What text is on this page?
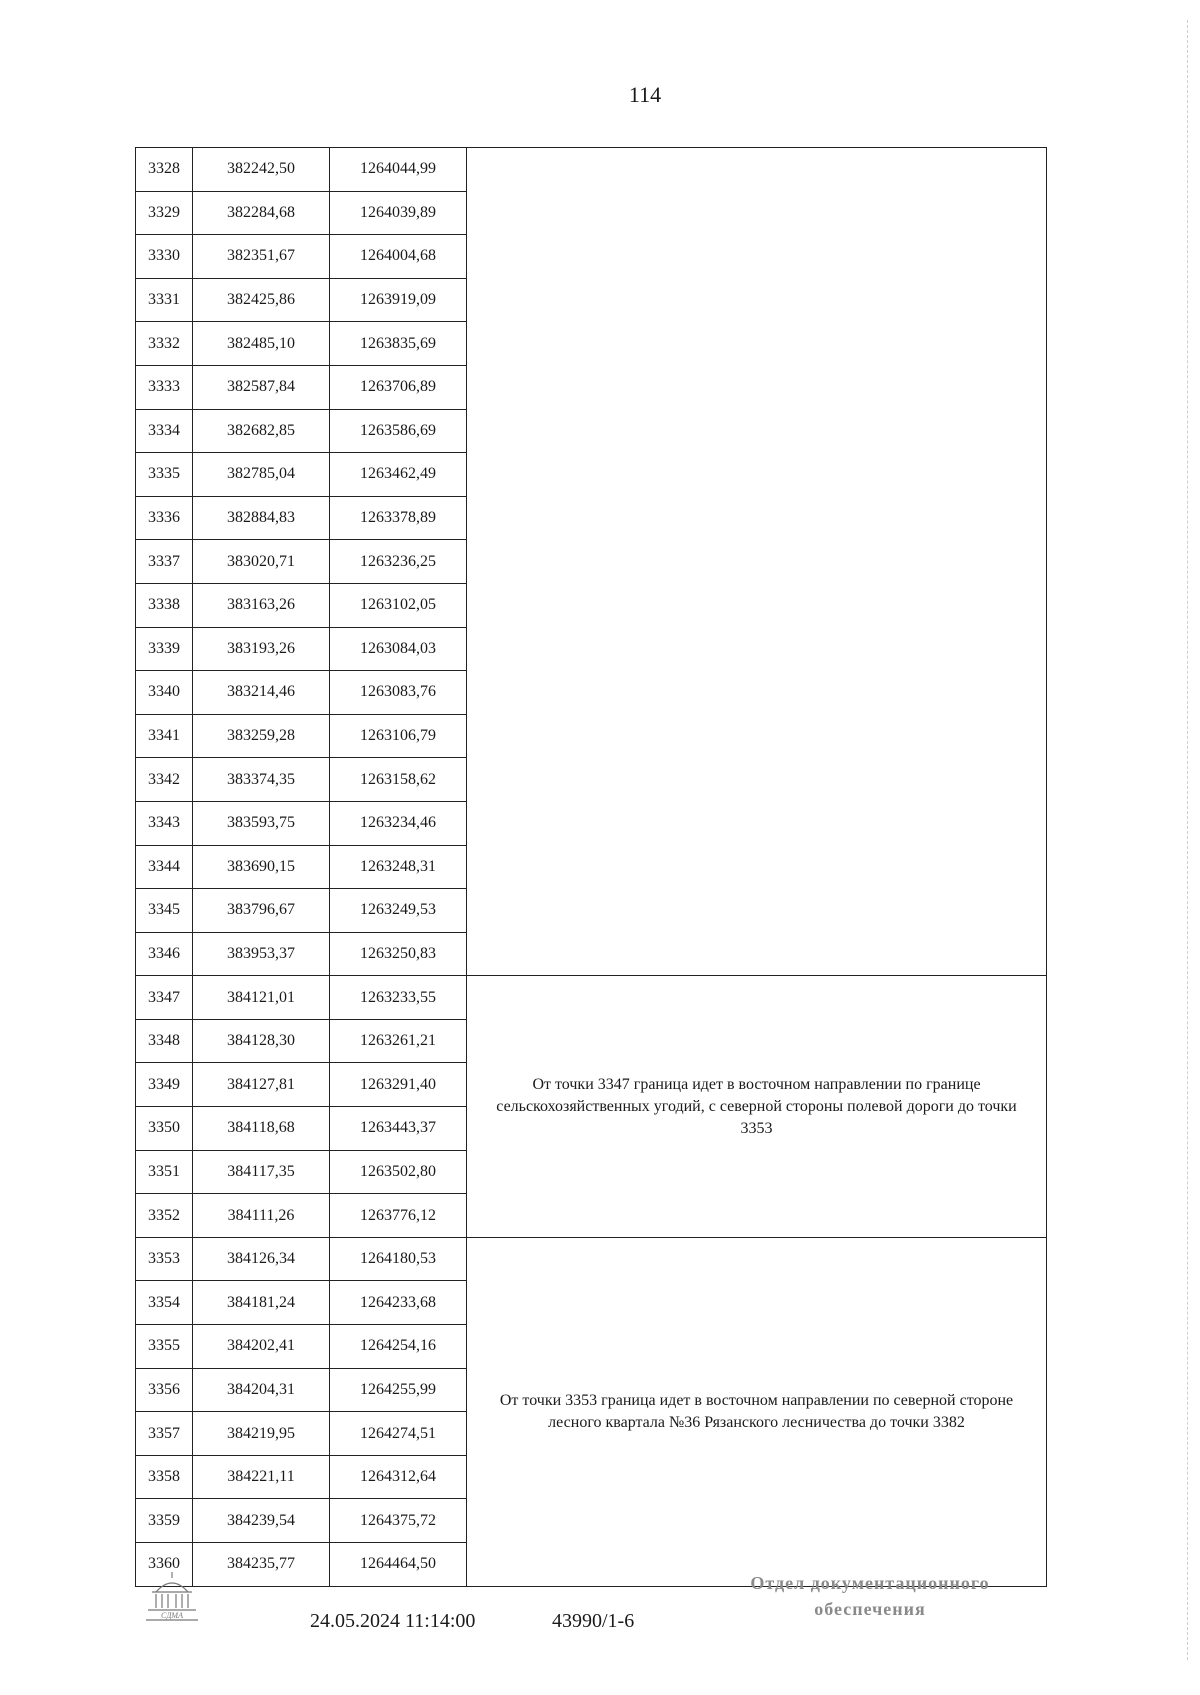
114
3328	382242,50	1264044,99	
3329	382284,68	1264039,89	
3330	382351,67	1264004,68	
3331	382425,86	1263919,09	
3332	382485,10	1263835,69	
3333	382587,84	1263706,89	
3334	382682,85	1263586,69	
3335	382785,04	1263462,49	
3336	382884,83	1263378,89	
3337	383020,71	1263236,25	
3338	383163,26	1263102,05	
3339	383193,26	1263084,03	
3340	383214,46	1263083,76	
3341	383259,28	1263106,79	
3342	383374,35	1263158,62	
3343	383593,75	1263234,46	
3344	383690,15	1263248,31	
3345	383796,67	1263249,53	
3346	383953,37	1263250,83	
3347	384121,01	1263233,55	От точки 3347 граница идет в восточном направлении по границе сельскохозяйственных угодий, с северной стороны полевой дороги до точки 3353
3348	384128,30	1263261,21	
3349	384127,81	1263291,40	
3350	384118,68	1263443,37	
3351	384117,35	1263502,80	
3352	384111,26	1263776,12	
3353	384126,34	1264180,53	От точки 3353 граница идет в восточном направлении по северной стороне лесного квартала №36 Рязанского лесничества до точки 3382
3354	384181,24	1264233,68	
3355	384202,41	1264254,16	
3356	384204,31	1264255,99	
3357	384219,95	1264274,51	
3358	384221,11	1264312,64	
3359	384239,54	1264375,72	
3360	384235,77	1264464,50	
СДМА	24.05.2024 11:14:00	43990/1-6
Отдел документационного
обеспечения
